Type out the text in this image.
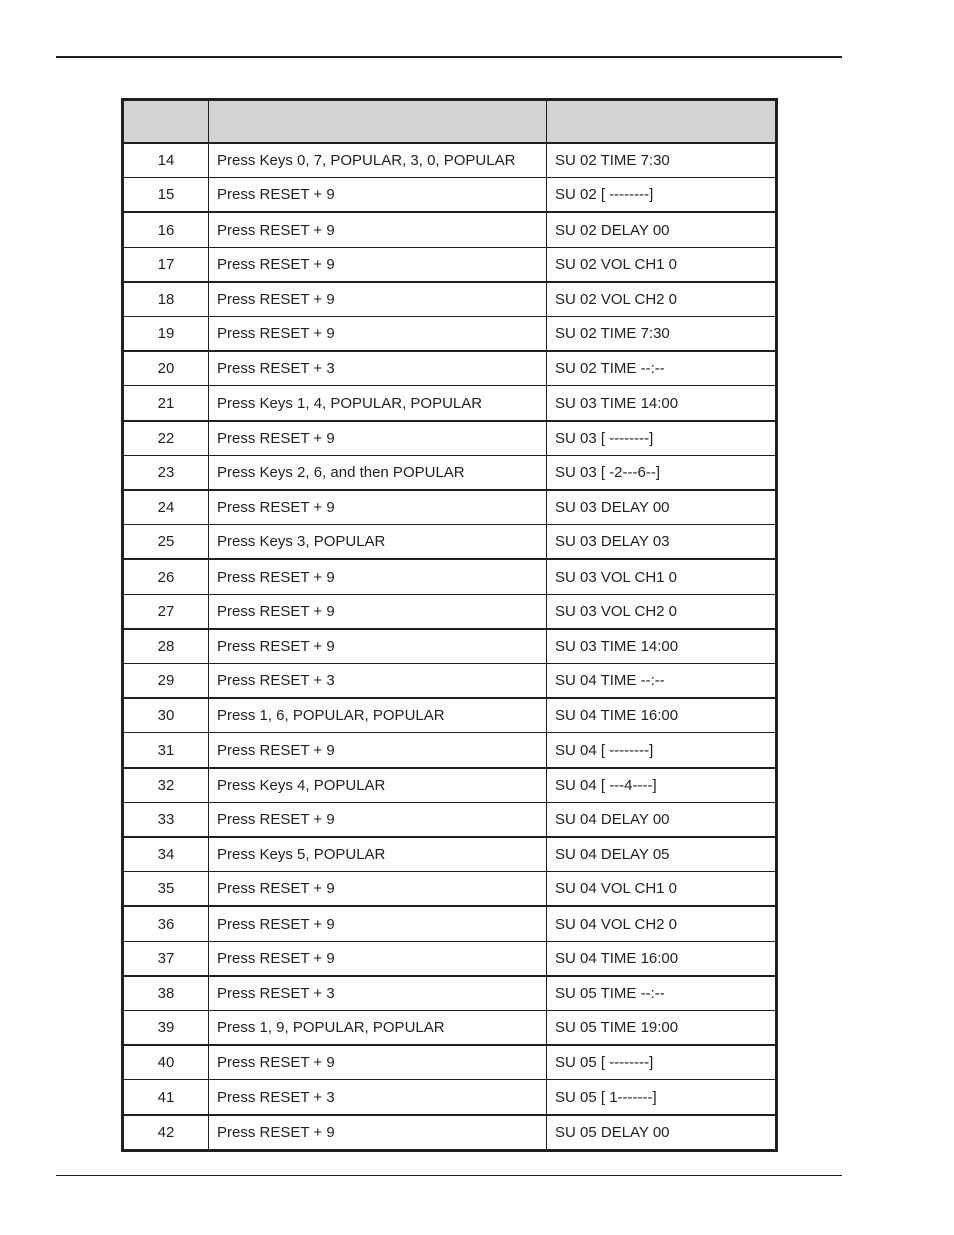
14	Press Keys 0, 7, POPULAR, 3, 0, POPULAR	SU 02 TIME 7:30
15	Press RESET + 9	SU 02 [ --------]
16	Press RESET + 9	SU 02 DELAY 00
17	Press RESET + 9	SU 02 VOL CH1 0
18	Press RESET + 9	SU 02 VOL CH2 0
19	Press RESET + 9	SU 02 TIME 7:30
20	Press RESET + 3	SU 02 TIME --:--
21	Press Keys 1, 4, POPULAR, POPULAR	SU 03 TIME 14:00
22	Press RESET + 9	SU 03 [ --------]
23	Press Keys 2, 6, and then POPULAR	SU 03 [ -2---6--]
24	Press RESET + 9	SU 03 DELAY 00
25	Press Keys 3, POPULAR	SU 03 DELAY 03
26	Press RESET + 9	SU 03 VOL CH1 0
27	Press RESET + 9	SU 03 VOL CH2 0
28	Press RESET + 9	SU 03 TIME 14:00
29	Press RESET + 3	SU 04 TIME --:--
30	Press 1, 6, POPULAR, POPULAR	SU 04 TIME 16:00
31	Press RESET + 9	SU 04 [ --------]
32	Press Keys 4, POPULAR	SU 04 [ ---4----]
33	Press RESET + 9	SU 04 DELAY 00
34	Press Keys 5, POPULAR	SU 04 DELAY 05
35	Press RESET + 9	SU 04 VOL CH1 0
36	Press RESET + 9	SU 04 VOL CH2 0
37	Press RESET + 9	SU 04 TIME 16:00
38	Press RESET + 3	SU 05 TIME --:--
39	Press 1, 9, POPULAR, POPULAR	SU 05 TIME 19:00
40	Press RESET + 9	SU 05 [ --------]
41	Press RESET + 3	SU 05 [ 1-------]
42	Press RESET + 9	SU 05 DELAY 00
